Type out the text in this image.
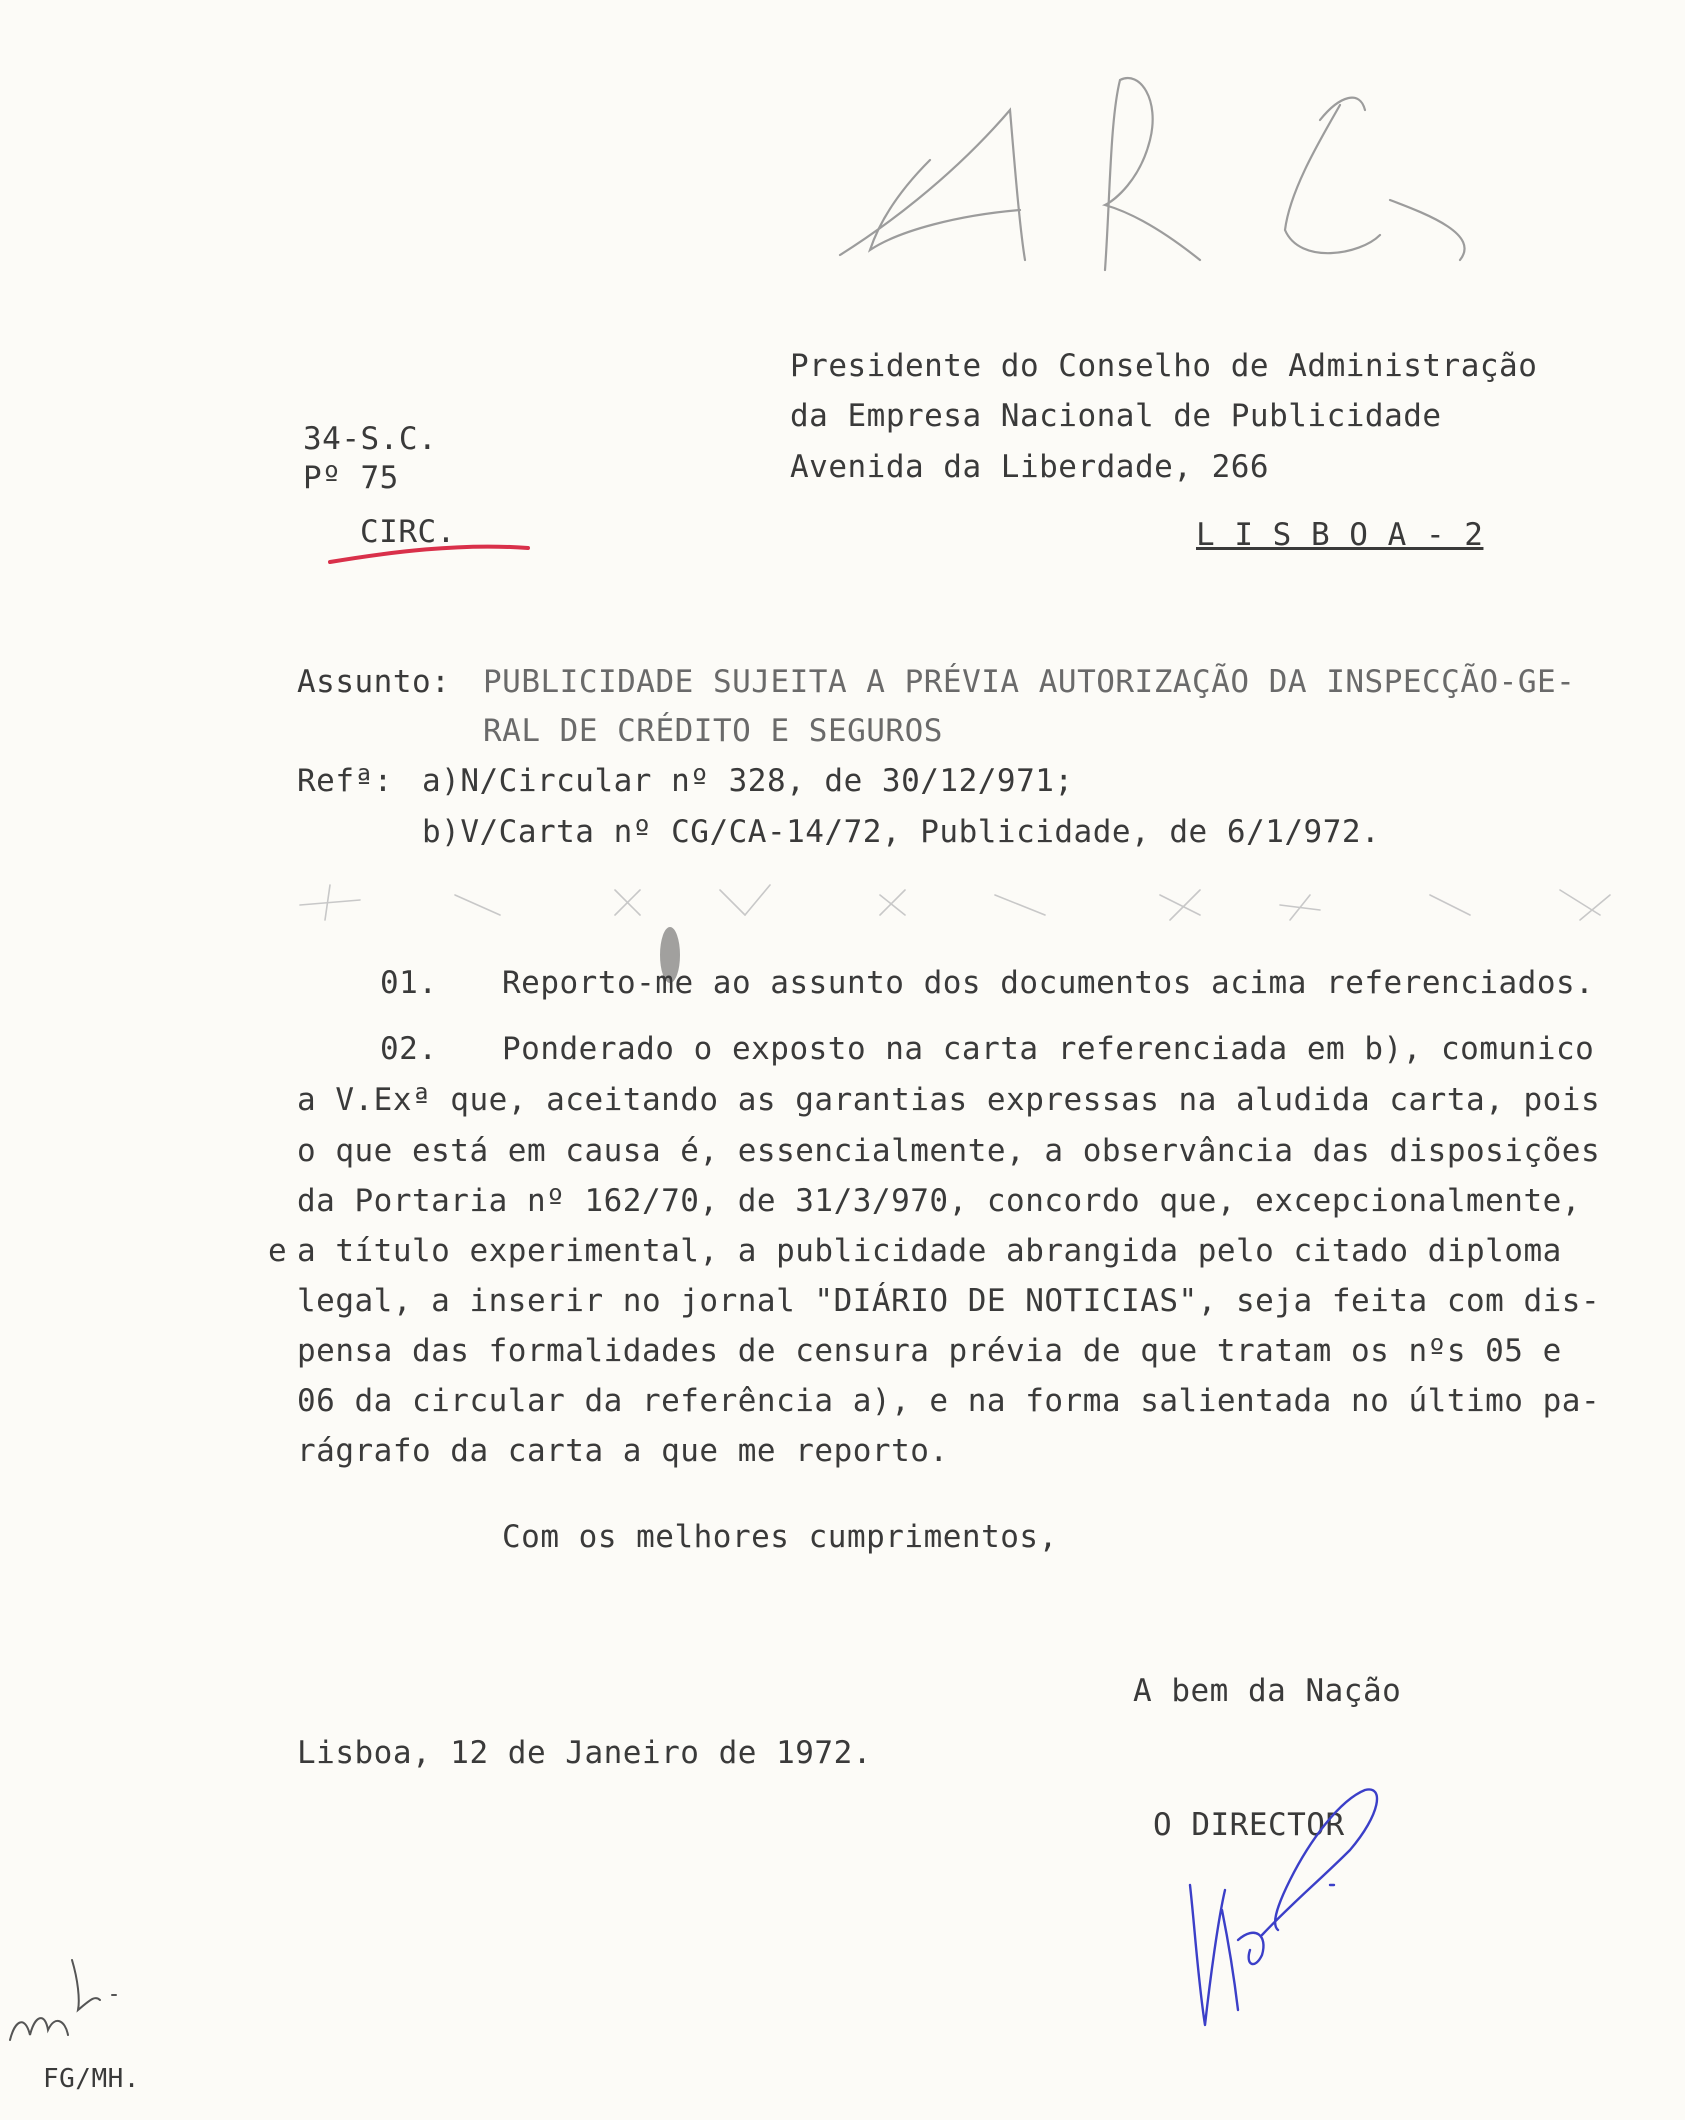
34-S.C.
Pº 75
CIRC.
Presidente do Conselho de Administração
da Empresa Nacional de Publicidade
Avenida da Liberdade, 266
L I S B O A - 2
Assunto: PUBLICIDADE SUJEITA A PRÉVIA AUTORIZAÇÃO DA INSPECÇÃO-GE-
RAL DE CRÉDITO E SEGUROS
Refª: a)N/Circular nº 328, de 30/12/971;
b)V/Carta nº CG/CA-14/72, Publicidade, de 6/1/972.
01. Reporto-me ao assunto dos documentos acima referenciados.
02. Ponderado o exposto na carta referenciada em b), comunico
a V.Exª que, aceitando as garantias expressas na aludida carta, pois
o que está em causa é, essencialmente, a observância das disposições
da Portaria nº 162/70, de 31/3/970, concordo que, excepcionalmente,
e a título experimental, a publicidade abrangida pelo citado diploma
legal, a inserir no jornal "DIÁRIO DE NOTICIAS", seja feita com dis-
pensa das formalidades de censura prévia de que tratam os nºs 05 e
06 da circular da referência a), e na forma salientada no último pa-
rágrafo da carta a que me reporto.
Com os melhores cumprimentos,
A bem da Nação
Lisboa, 12 de Janeiro de 1972.
O DIRECTOR
FG/MH.
